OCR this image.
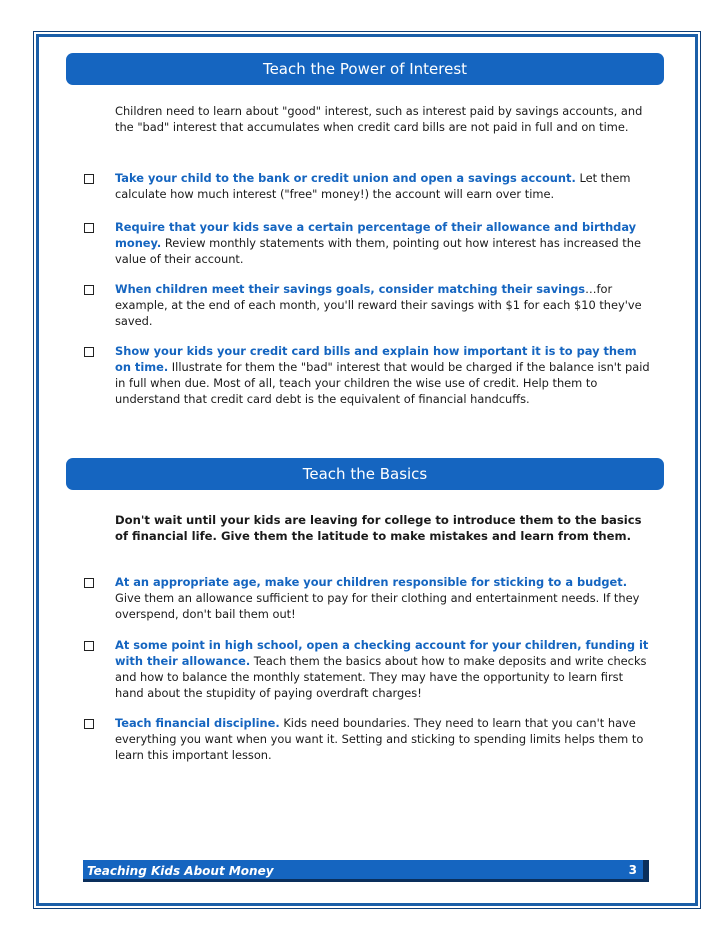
Teach the Power of Interest
Children need to learn about "good" interest, such as interest paid by savings accounts, and the "bad" interest that accumulates when credit card bills are not paid in full and on time.
Take your child to the bank or credit union and open a savings account. Let them calculate how much interest ("free" money!) the account will earn over time.
Require that your kids save a certain percentage of their allowance and birthday money. Review monthly statements with them, pointing out how interest has increased the value of their account.
When children meet their savings goals, consider matching their savings…for example, at the end of each month, you'll reward their savings with $1 for each $10 they've saved.
Show your kids your credit card bills and explain how important it is to pay them on time. Illustrate for them the "bad" interest that would be charged if the balance isn't paid in full when due. Most of all, teach your children the wise use of credit. Help them to understand that credit card debt is the equivalent of financial handcuffs.
Teach the Basics
Don't wait until your kids are leaving for college to introduce them to the basics of financial life. Give them the latitude to make mistakes and learn from them.
At an appropriate age, make your children responsible for sticking to a budget. Give them an allowance sufficient to pay for their clothing and entertainment needs. If they overspend, don't bail them out!
At some point in high school, open a checking account for your children, funding it with their allowance. Teach them the basics about how to make deposits and write checks and how to balance the monthly statement. They may have the opportunity to learn first hand about the stupidity of paying overdraft charges!
Teach financial discipline. Kids need boundaries. They need to learn that you can't have everything you want when you want it. Setting and sticking to spending limits helps them to learn this important lesson.
Teaching Kids About Money	3
